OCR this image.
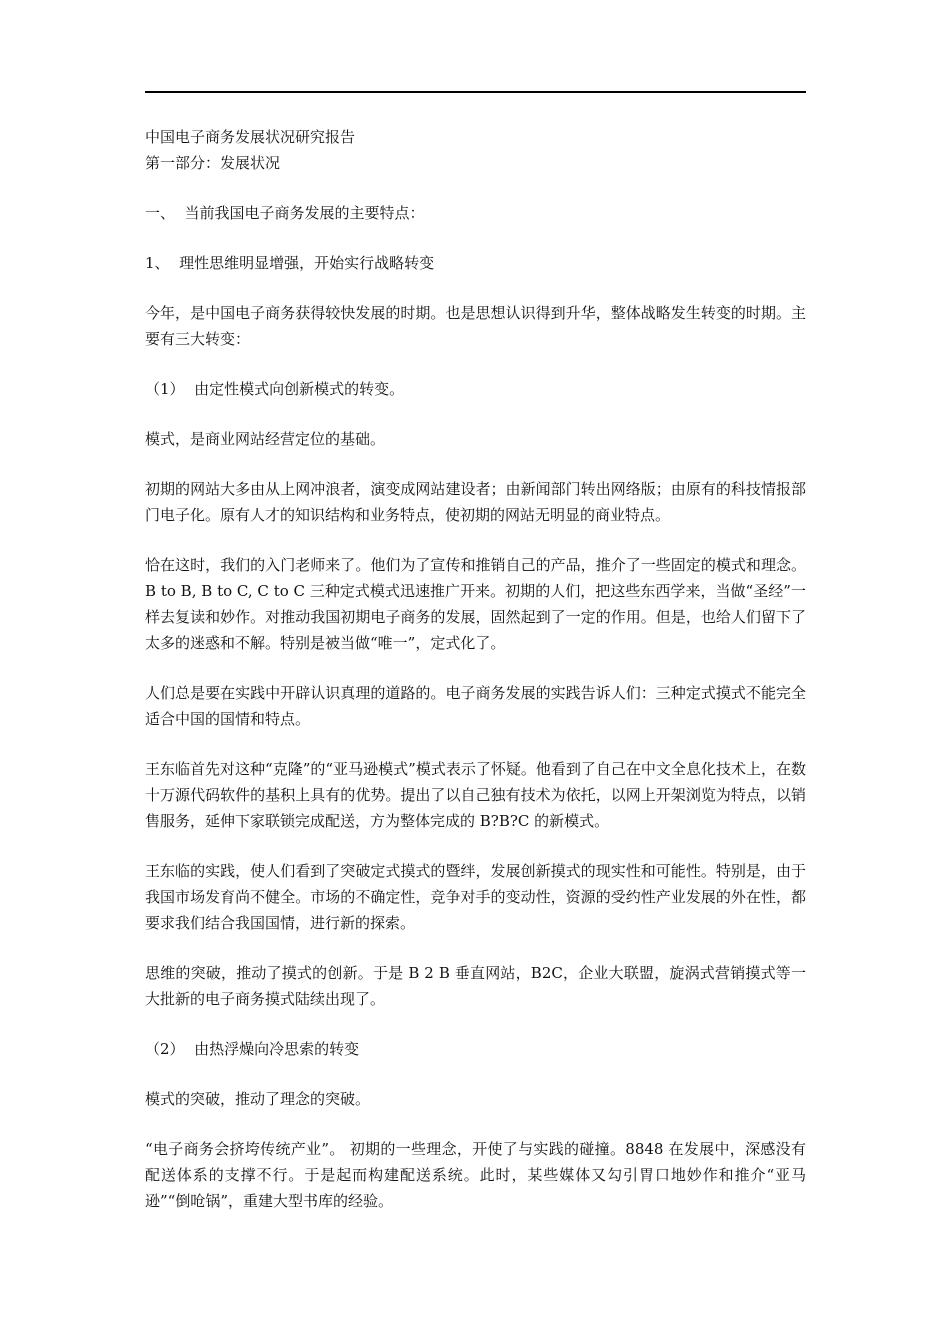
中国电子商务发展状况研究报告

第一部分：发展状况

一、  当前我国电子商务发展的主要特点：

1、  理性思维明显增强，开始实行战略转变

今年，是中国电子商务获得较快发展的时期。也是思想认识得到升华，整体战略发生转变的时期。主要有三大转变：

（1）  由定性模式向创新模式的转变。

模式，是商业网站经营定位的基础。

初期的网站大多由从上网冲浪者，演变成网站建设者；由新闻部门转出网络版；由原有的科技情报部门电子化。原有人才的知识结构和业务特点，使初期的网站无明显的商业特点。

恰在这时，我们的入门老师来了。他们为了宣传和推销自己的产品，推介了一些固定的模式和理念。B to B, B to C, C to C 三种定式模式迅速推广开来。初期的人们，把这些东西学来，当做“圣经”一样去复读和妙作。对推动我国初期电子商务的发展，固然起到了一定的作用。但是，也给人们留下了太多的迷惑和不解。特别是被当做“唯一”，定式化了。

人们总是要在实践中开辟认识真理的道路的。电子商务发展的实践告诉人们：三种定式摸式不能完全适合中国的国情和特点。

王东临首先对这种“克隆”的“亚马逊模式”模式表示了怀疑。他看到了自己在中文全息化技术上，在数十万源代码软件的基积上具有的优势。提出了以自己独有技术为依托，以网上开架浏览为特点，以销售服务，延伸下家联锁完成配送，方为整体完成的 B?B?C 的新模式。

王东临的实践，使人们看到了突破定式摸式的暨绊，发展创新摸式的现实性和可能性。特别是，由于我国市场发育尚不健全。市场的不确定性，竞争对手的变动性，资源的受约性产业发展的外在性，都要求我们结合我国国情，进行新的探索。

思维的突破，推动了摸式的创新。于是 B 2 B 垂直网站，B2C，企业大联盟，旋涡式营销摸式等一大批新的电子商务摸式陆续出现了。

（2）  由热浮燥向冷思索的转变

模式的突破，推动了理念的突破。

“电子商务会挤垮传统产业”。 初期的一些理念，开使了与实践的碰撞。8848 在发展中，深感没有配送体系的支撑不行。于是起而构建配送系统。此时，某些媒体又勾引胃口地妙作和推介“亚马逊”“倒呛锅”，重建大型书库的经验。
